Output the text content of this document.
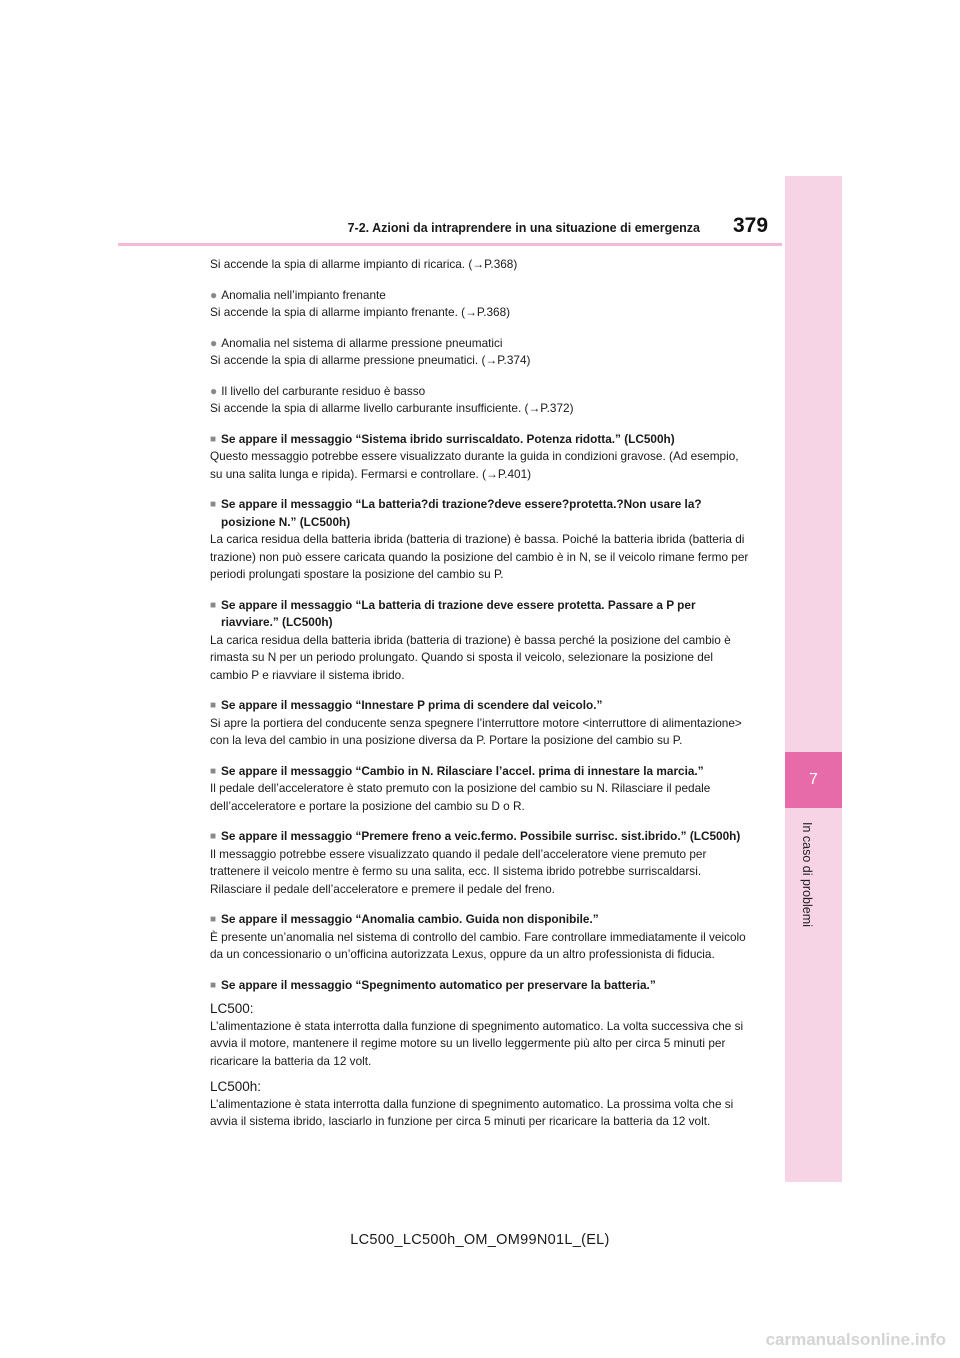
7
In caso di problemi
7-2. Azioni da intraprendere in una situazione di emergenza 379

Si accende la spia di allarme impianto di ricarica. (→P.368)

● Anomalia nell’impianto frenante

Si accende la spia di allarme impianto frenante. (→P.368)

● Anomalia nel sistema di allarme pressione pneumatici

Si accende la spia di allarme pressione pneumatici. (→P.374)

● Il livello del carburante residuo è basso

Si accende la spia di allarme livello carburante insufficiente. (→P.372)

■ Se appare il messaggio “Sistema ibrido surriscaldato. Potenza ridotta.” (LC500h)

Questo messaggio potrebbe essere visualizzato durante la guida in condizioni gravose. (Ad esempio, su una salita lunga e ripida). Fermarsi e controllare. (→P.401)

■ Se appare il messaggio “La batteria?di trazione?deve essere?protetta.?Non usare la?posizione N.” (LC500h)

La carica residua della batteria ibrida (batteria di trazione) è bassa. Poiché la batteria ibrida (batteria di trazione) non può essere caricata quando la posizione del cambio è in N, se il veicolo rimane fermo per periodi prolungati spostare la posizione del cambio su P.

■ Se appare il messaggio “La batteria di trazione deve essere protetta. Passare a P per riavviare.” (LC500h)

La carica residua della batteria ibrida (batteria di trazione) è bassa perché la posizione del cambio è rimasta su N per un periodo prolungato. Quando si sposta il veicolo, selezionare la posizione del cambio P e riavviare il sistema ibrido.

■ Se appare il messaggio “Innestare P prima di scendere dal veicolo.”

Si apre la portiera del conducente senza spegnere l’interruttore motore <interruttore di alimentazione> con la leva del cambio in una posizione diversa da P. Portare la posizione del cambio su P.

■ Se appare il messaggio “Cambio in N. Rilasciare l’accel. prima di innestare la marcia.”

Il pedale dell’acceleratore è stato premuto con la posizione del cambio su N. Rilasciare il pedale dell’acceleratore e portare la posizione del cambio su D o R.

■ Se appare il messaggio “Premere freno a veic.fermo. Possibile surrisc. sist.ibrido.” (LC500h)

Il messaggio potrebbe essere visualizzato quando il pedale dell’acceleratore viene premuto per trattenere il veicolo mentre è fermo su una salita, ecc. Il sistema ibrido potrebbe surriscaldarsi. Rilasciare il pedale dell’acceleratore e premere il pedale del freno.

■ Se appare il messaggio “Anomalia cambio. Guida non disponibile.”

È presente un’anomalia nel sistema di controllo del cambio. Fare controllare immediatamente il veicolo da un concessionario o un’officina autorizzata Lexus, oppure da un altro professionista di fiducia.

■ Se appare il messaggio “Spegnimento automatico per preservare la batteria.”

LC500:

L’alimentazione è stata interrotta dalla funzione di spegnimento automatico. La volta successiva che si avvia il motore, mantenere il regime motore su un livello leggermente più alto per circa 5 minuti per ricaricare la batteria da 12 volt.

LC500h:

L’alimentazione è stata interrotta dalla funzione di spegnimento automatico. La prossima volta che si avvia il sistema ibrido, lasciarlo in funzione per circa 5 minuti per ricaricare la batteria da 12 volt.

LC500_LC500h_OM_OM99N01L_(EL)
carmanualsonline.info
